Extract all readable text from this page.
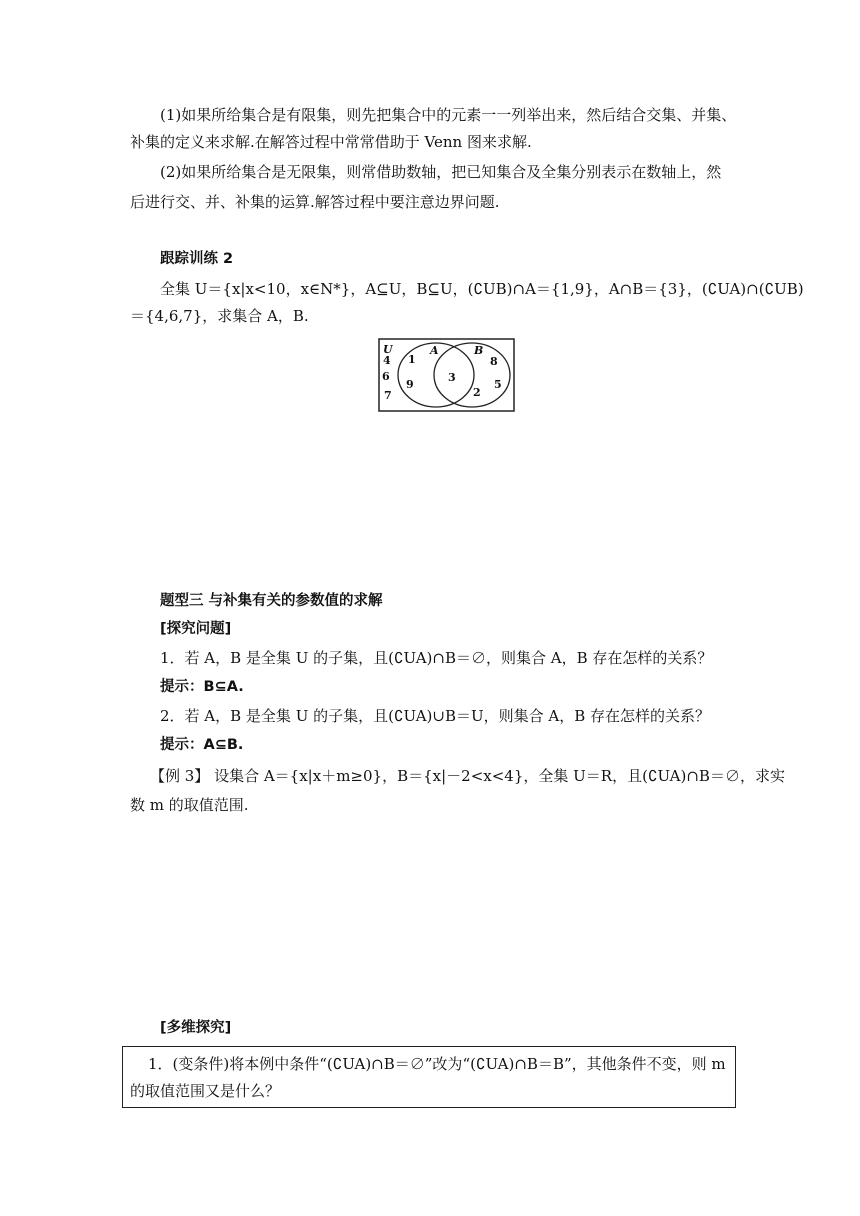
(1)如果所给集合是有限集，则先把集合中的元素一一列举出来，然后结合交集、并集、
补集的定义来求解.在解答过程中常常借助于 Venn 图来求解.
(2)如果所给集合是无限集，则常借助数轴，把已知集合及全集分别表示在数轴上，然
后进行交、并、补集的运算.解答过程中要注意边界问题.
跟踪训练 2
全集 U＝{x|x<10，x∈N*}，A⊆U，B⊆U，(∁UB)∩A＝{1,9}，A∩B＝{3}，(∁UA)∩(∁UB)
＝{4,6,7}，求集合 A，B.
U	A	B
4
6
7
1
9
3
8
2
5
题型三 与补集有关的参数值的求解
[探究问题]
1．若 A，B 是全集 U 的子集，且(∁UA)∩B＝∅，则集合 A，B 存在怎样的关系？
提示：B⊆A.
2．若 A，B 是全集 U 的子集，且(∁UA)∪B＝U，则集合 A，B 存在怎样的关系？
提示：A⊆B.
【例 3】 设集合 A＝{x|x＋m≥0}，B＝{x|－2<x<4}，全集 U＝R，且(∁UA)∩B＝∅，求实
数 m 的取值范围.
[多维探究]
1．(变条件)将本例中条件“(∁UA)∩B＝∅”改为“(∁UA)∩B＝B”，其他条件不变，则 m
的取值范围又是什么？
